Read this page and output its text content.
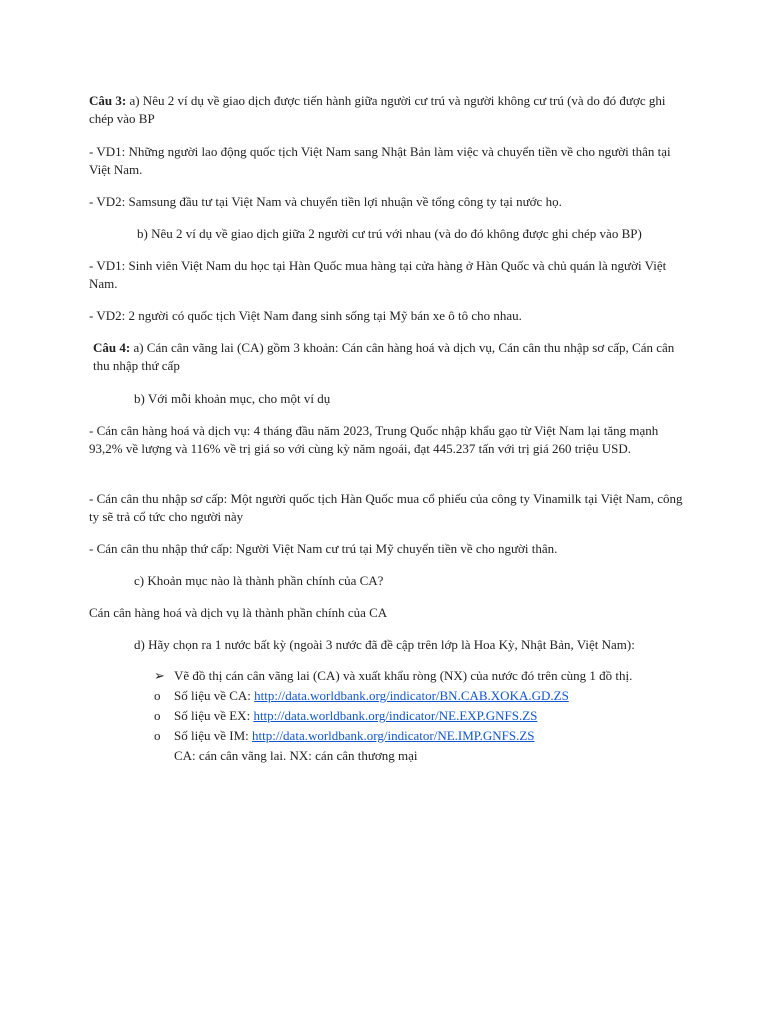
Câu 3: a) Nêu 2 ví dụ về giao dịch được tiến hành giữa người cư trú và người không cư trú (và do đó được ghi chép vào BP

- VD1: Những người lao động quốc tịch Việt Nam sang Nhật Bản làm việc và chuyển tiền về cho người thân tại Việt Nam.

- VD2: Samsung đầu tư tại Việt Nam và chuyển tiền lợi nhuận về tổng công ty tại nước họ.

b) Nêu 2 ví dụ về giao dịch giữa 2 người cư trú với nhau (và do đó không được ghi chép vào BP)

- VD1: Sinh viên Việt Nam du học tại Hàn Quốc mua hàng tại cửa hàng ở Hàn Quốc và chủ quán là người Việt Nam.

- VD2: 2 người có quốc tịch Việt Nam đang sinh sống tại Mỹ bán xe ô tô cho nhau.

Câu 4: a) Cán cân vãng lai (CA) gồm 3 khoản: Cán cân hàng hoá và dịch vụ, Cán cân thu nhập sơ cấp, Cán cân thu nhập thứ cấp

b) Với mỗi khoản mục, cho một ví dụ

- Cán cân hàng hoá và dịch vụ: 4 tháng đầu năm 2023, Trung Quốc nhập khẩu gạo từ Việt Nam lại tăng mạnh 93,2% về lượng và 116% về trị giá so với cùng kỳ năm ngoái, đạt 445.237 tấn với trị giá 260 triệu USD.

- Cán cân thu nhập sơ cấp: Một người quốc tịch Hàn Quốc mua cổ phiếu của công ty Vinamilk tại Việt Nam, công ty sẽ trả cổ tức cho người này

- Cán cân thu nhập thứ cấp: Người Việt Nam cư trú tại Mỹ chuyển tiền về cho người thân.

c) Khoản mục nào là thành phần chính của CA?

Cán cân hàng hoá và dịch vụ là thành phần chính của CA

d) Hãy chọn ra 1 nước bất kỳ (ngoài 3 nước đã đề cập trên lớp là Hoa Kỳ, Nhật Bản, Việt Nam):

➢ Vẽ đồ thị cán cân vãng lai (CA) và xuất khẩu ròng (NX) của nước đó trên cùng 1 đồ thị.

o	Số liệu về CA: http://data.worldbank.org/indicator/BN.CAB.XOKA.GD.ZS

o	Số liệu về EX: http://data.worldbank.org/indicator/NE.EXP.GNFS.ZS

o	Số liệu về IM: http://data.worldbank.org/indicator/NE.IMP.GNFS.ZS

CA: cán cân vãng lai. NX: cán cân thương mại
